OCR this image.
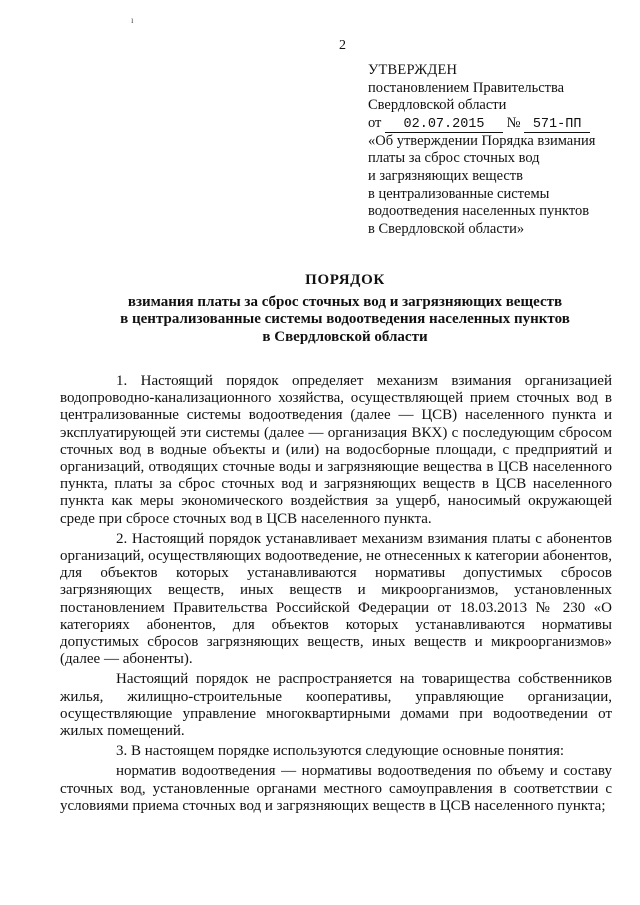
ı
2
УТВЕРЖДЕН
постановлением Правительства
Свердловской области
от 02.07.2015 № 571-ПП
«Об утверждении Порядка взимания
платы за сброс сточных вод
и загрязняющих веществ
в централизованные системы
водоотведения населенных пунктов
в Свердловской области»
ПОРЯДОК
взимания платы за сброс сточных вод и загрязняющих веществ
в централизованные системы водоотведения населенных пунктов
в Свердловской области

1. Настоящий порядок определяет механизм взимания организацией водопроводно-канализационного хозяйства, осуществляющей прием сточных вод в централизованные системы водоотведения (далее — ЦСВ) населенного пункта и эксплуатирующей эти системы (далее — организация ВКХ) с последующим сбросом сточных вод в водные объекты и (или) на водосборные площади, с предприятий и организаций, отводящих сточные воды и загрязняющие вещества в ЦСВ населенного пункта, платы за сброс сточных вод и загрязняющих веществ в ЦСВ населенного пункта как меры экономического воздействия за ущерб, наносимый окружающей среде при сбросе сточных вод в ЦСВ населенного пункта.

2. Настоящий порядок устанавливает механизм взимания платы с абонентов организаций, осуществляющих водоотведение, не отнесенных к категории абонентов, для объектов которых устанавливаются нормативы допустимых сбросов загрязняющих веществ, иных веществ и микроорганизмов, установленных постановлением Правительства Российской Федерации от 18.03.2013 № 230 «О категориях абонентов, для объектов которых устанавливаются нормативы допустимых сбросов загрязняющих веществ, иных веществ и микроорганизмов» (далее — абоненты).

Настоящий порядок не распространяется на товарищества собственников жилья, жилищно-строительные кооперативы, управляющие организации, осуществляющие управление многоквартирными домами при водоотведении от жилых помещений.

3. В настоящем порядке используются следующие основные понятия:

норматив водоотведения — нормативы водоотведения по объему и составу сточных вод, установленные органами местного самоуправления в соответствии с условиями приема сточных вод и загрязняющих веществ в ЦСВ населенного пункта;
